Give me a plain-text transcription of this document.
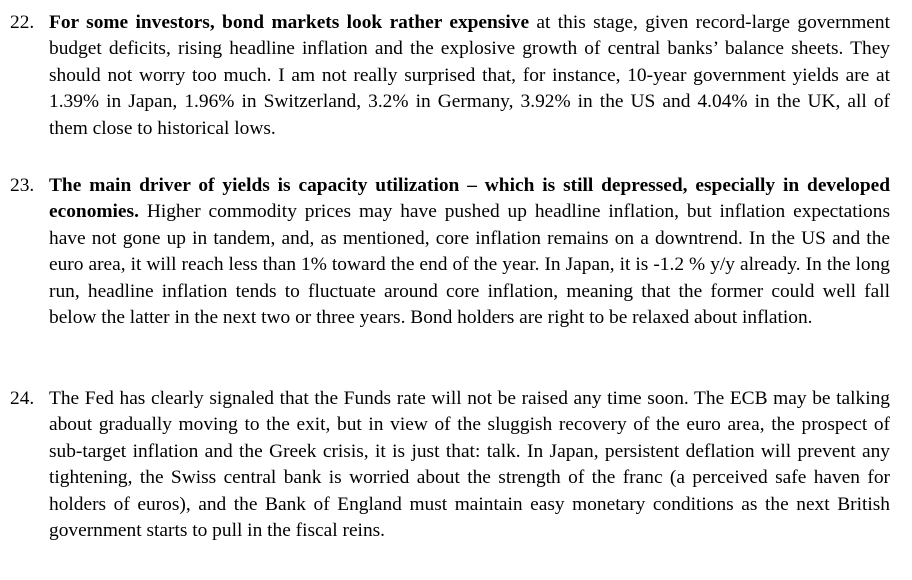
22. For some investors, bond markets look rather expensive at this stage, given record-large government budget deficits, rising headline inflation and the explosive growth of central banks’ balance sheets. They should not worry too much. I am not really surprised that, for instance, 10-year government yields are at 1.39% in Japan, 1.96% in Switzerland, 3.2% in Germany, 3.92% in the US and 4.04% in the UK, all of them close to historical lows.
23. The main driver of yields is capacity utilization – which is still depressed, especially in developed economies. Higher commodity prices may have pushed up headline inflation, but inflation expectations have not gone up in tandem, and, as mentioned, core inflation remains on a downtrend. In the US and the euro area, it will reach less than 1% toward the end of the year. In Japan, it is -1.2 % y/y already. In the long run, headline inflation tends to fluctuate around core inflation, meaning that the former could well fall below the latter in the next two or three years. Bond holders are right to be relaxed about inflation.
24. The Fed has clearly signaled that the Funds rate will not be raised any time soon. The ECB may be talking about gradually moving to the exit, but in view of the sluggish recovery of the euro area, the prospect of sub-target inflation and the Greek crisis, it is just that: talk. In Japan, persistent deflation will prevent any tightening, the Swiss central bank is worried about the strength of the franc (a perceived safe haven for holders of euros), and the Bank of England must maintain easy monetary conditions as the next British government starts to pull in the fiscal reins.
